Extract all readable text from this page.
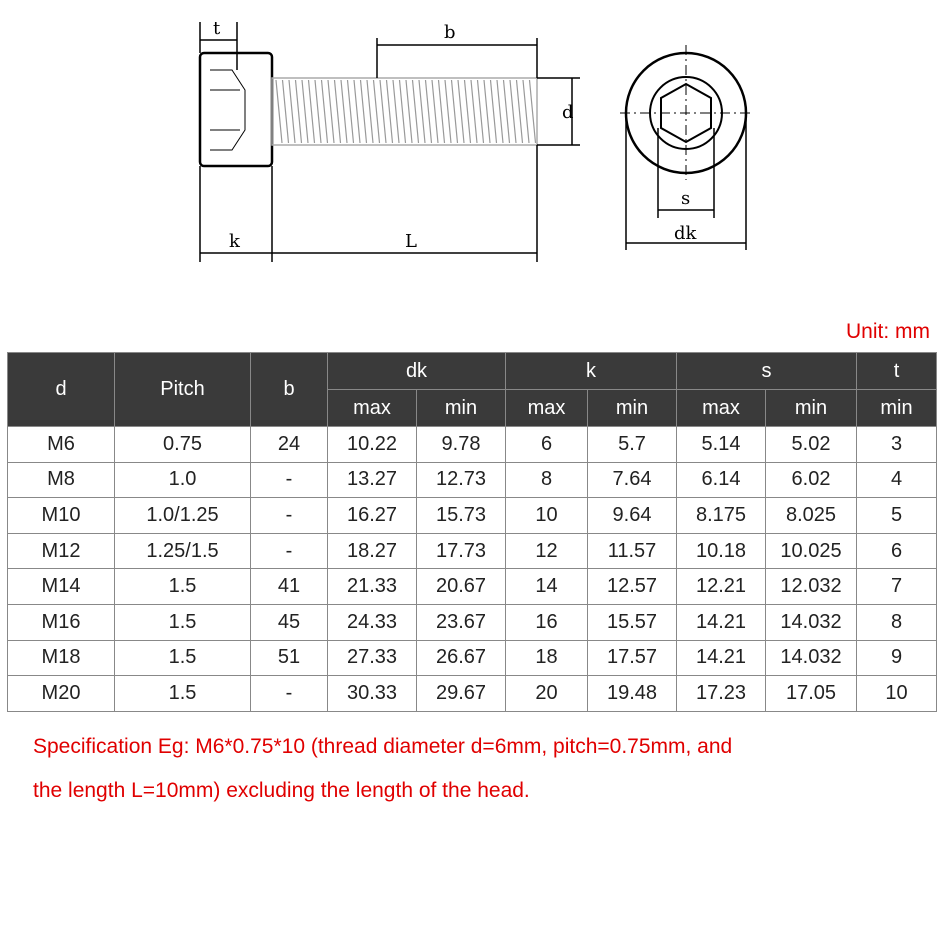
t	b
d
k	L
s
dk
Unit: mm
d	Pitch	b	dk		k		s		t
			max	min	max	min	max	min	min
M6	0.75	24	10.22	9.78	6	5.7	5.14	5.02	3
M8	1.0	-	13.27	12.73	8	7.64	6.14	6.02	4
M10	1.0/1.25	-	16.27	15.73	10	9.64	8.175	8.025	5
M12	1.25/1.5	-	18.27	17.73	12	11.57	10.18	10.025	6
M14	1.5	41	21.33	20.67	14	12.57	12.21	12.032	7
M16	1.5	45	24.33	23.67	16	15.57	14.21	14.032	8
M18	1.5	51	27.33	26.67	18	17.57	14.21	14.032	9
M20	1.5	-	30.33	29.67	20	19.48	17.23	17.05	10
Specification Eg: M6*0.75*10 (thread diameter d=6mm, pitch=0.75mm, and
the length L=10mm) excluding the length of the head.
